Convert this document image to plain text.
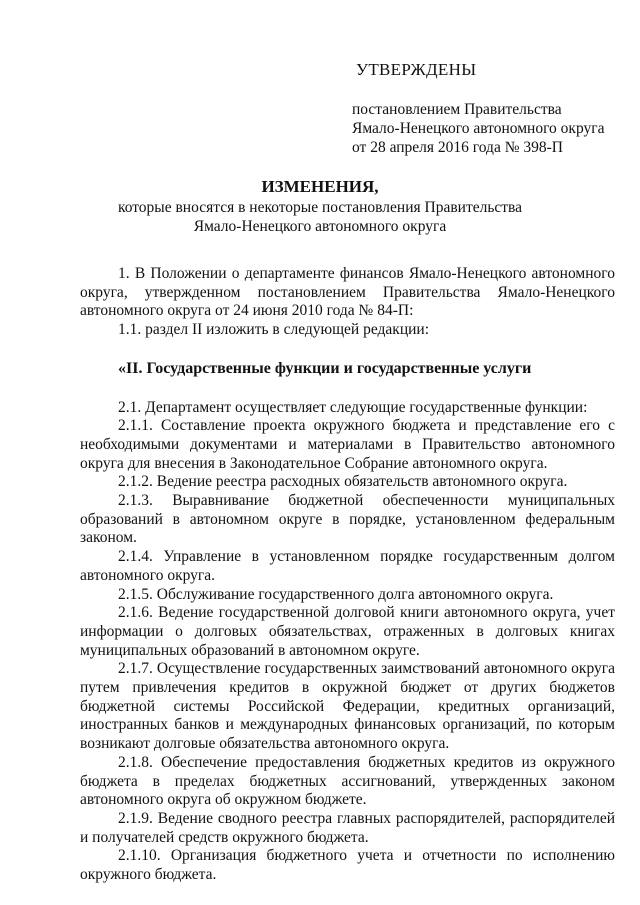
УТВЕРЖДЕНЫ
постановлением Правительства
Ямало-Ненецкого автономного округа
от 28 апреля 2016 года № 398-П
ИЗМЕНЕНИЯ,
которые вносятся в некоторые постановления Правительства
Ямало-Ненецкого автономного округа

1. В Положении о департаменте финансов Ямало-Ненецкого автономного округа, утвержденном постановлением Правительства Ямало-Ненецкого автономного округа от 24 июня 2010 года № 84-П:

1.1. раздел II изложить в следующей редакции:

«II. Государственные функции и государственные услуги

2.1. Департамент осуществляет следующие государственные функции:

2.1.1. Составление проекта окружного бюджета и представление его с необходимыми документами и материалами в Правительство автономного округа для внесения в Законодательное Собрание автономного округа.

2.1.2. Ведение реестра расходных обязательств автономного округа.

2.1.3. Выравнивание бюджетной обеспеченности муниципальных образований в автономном округе в порядке, установленном федеральным законом.

2.1.4. Управление в установленном порядке государственным долгом автономного округа.

2.1.5. Обслуживание государственного долга автономного округа.

2.1.6. Ведение государственной долговой книги автономного округа, учет информации о долговых обязательствах, отраженных в долговых книгах муниципальных образований в автономном округе.

2.1.7. Осуществление государственных заимствований автономного округа путем привлечения кредитов в окружной бюджет от других бюджетов бюджетной системы Российской Федерации, кредитных организаций, иностранных банков и международных финансовых организаций, по которым возникают долговые обязательства автономного округа.

2.1.8. Обеспечение предоставления бюджетных кредитов из окружного бюджета в пределах бюджетных ассигнований, утвержденных законом автономного округа об окружном бюджете.

2.1.9. Ведение сводного реестра главных распорядителей, распорядителей и получателей средств окружного бюджета.

2.1.10. Организация бюджетного учета и отчетности по исполнению окружного бюджета.
